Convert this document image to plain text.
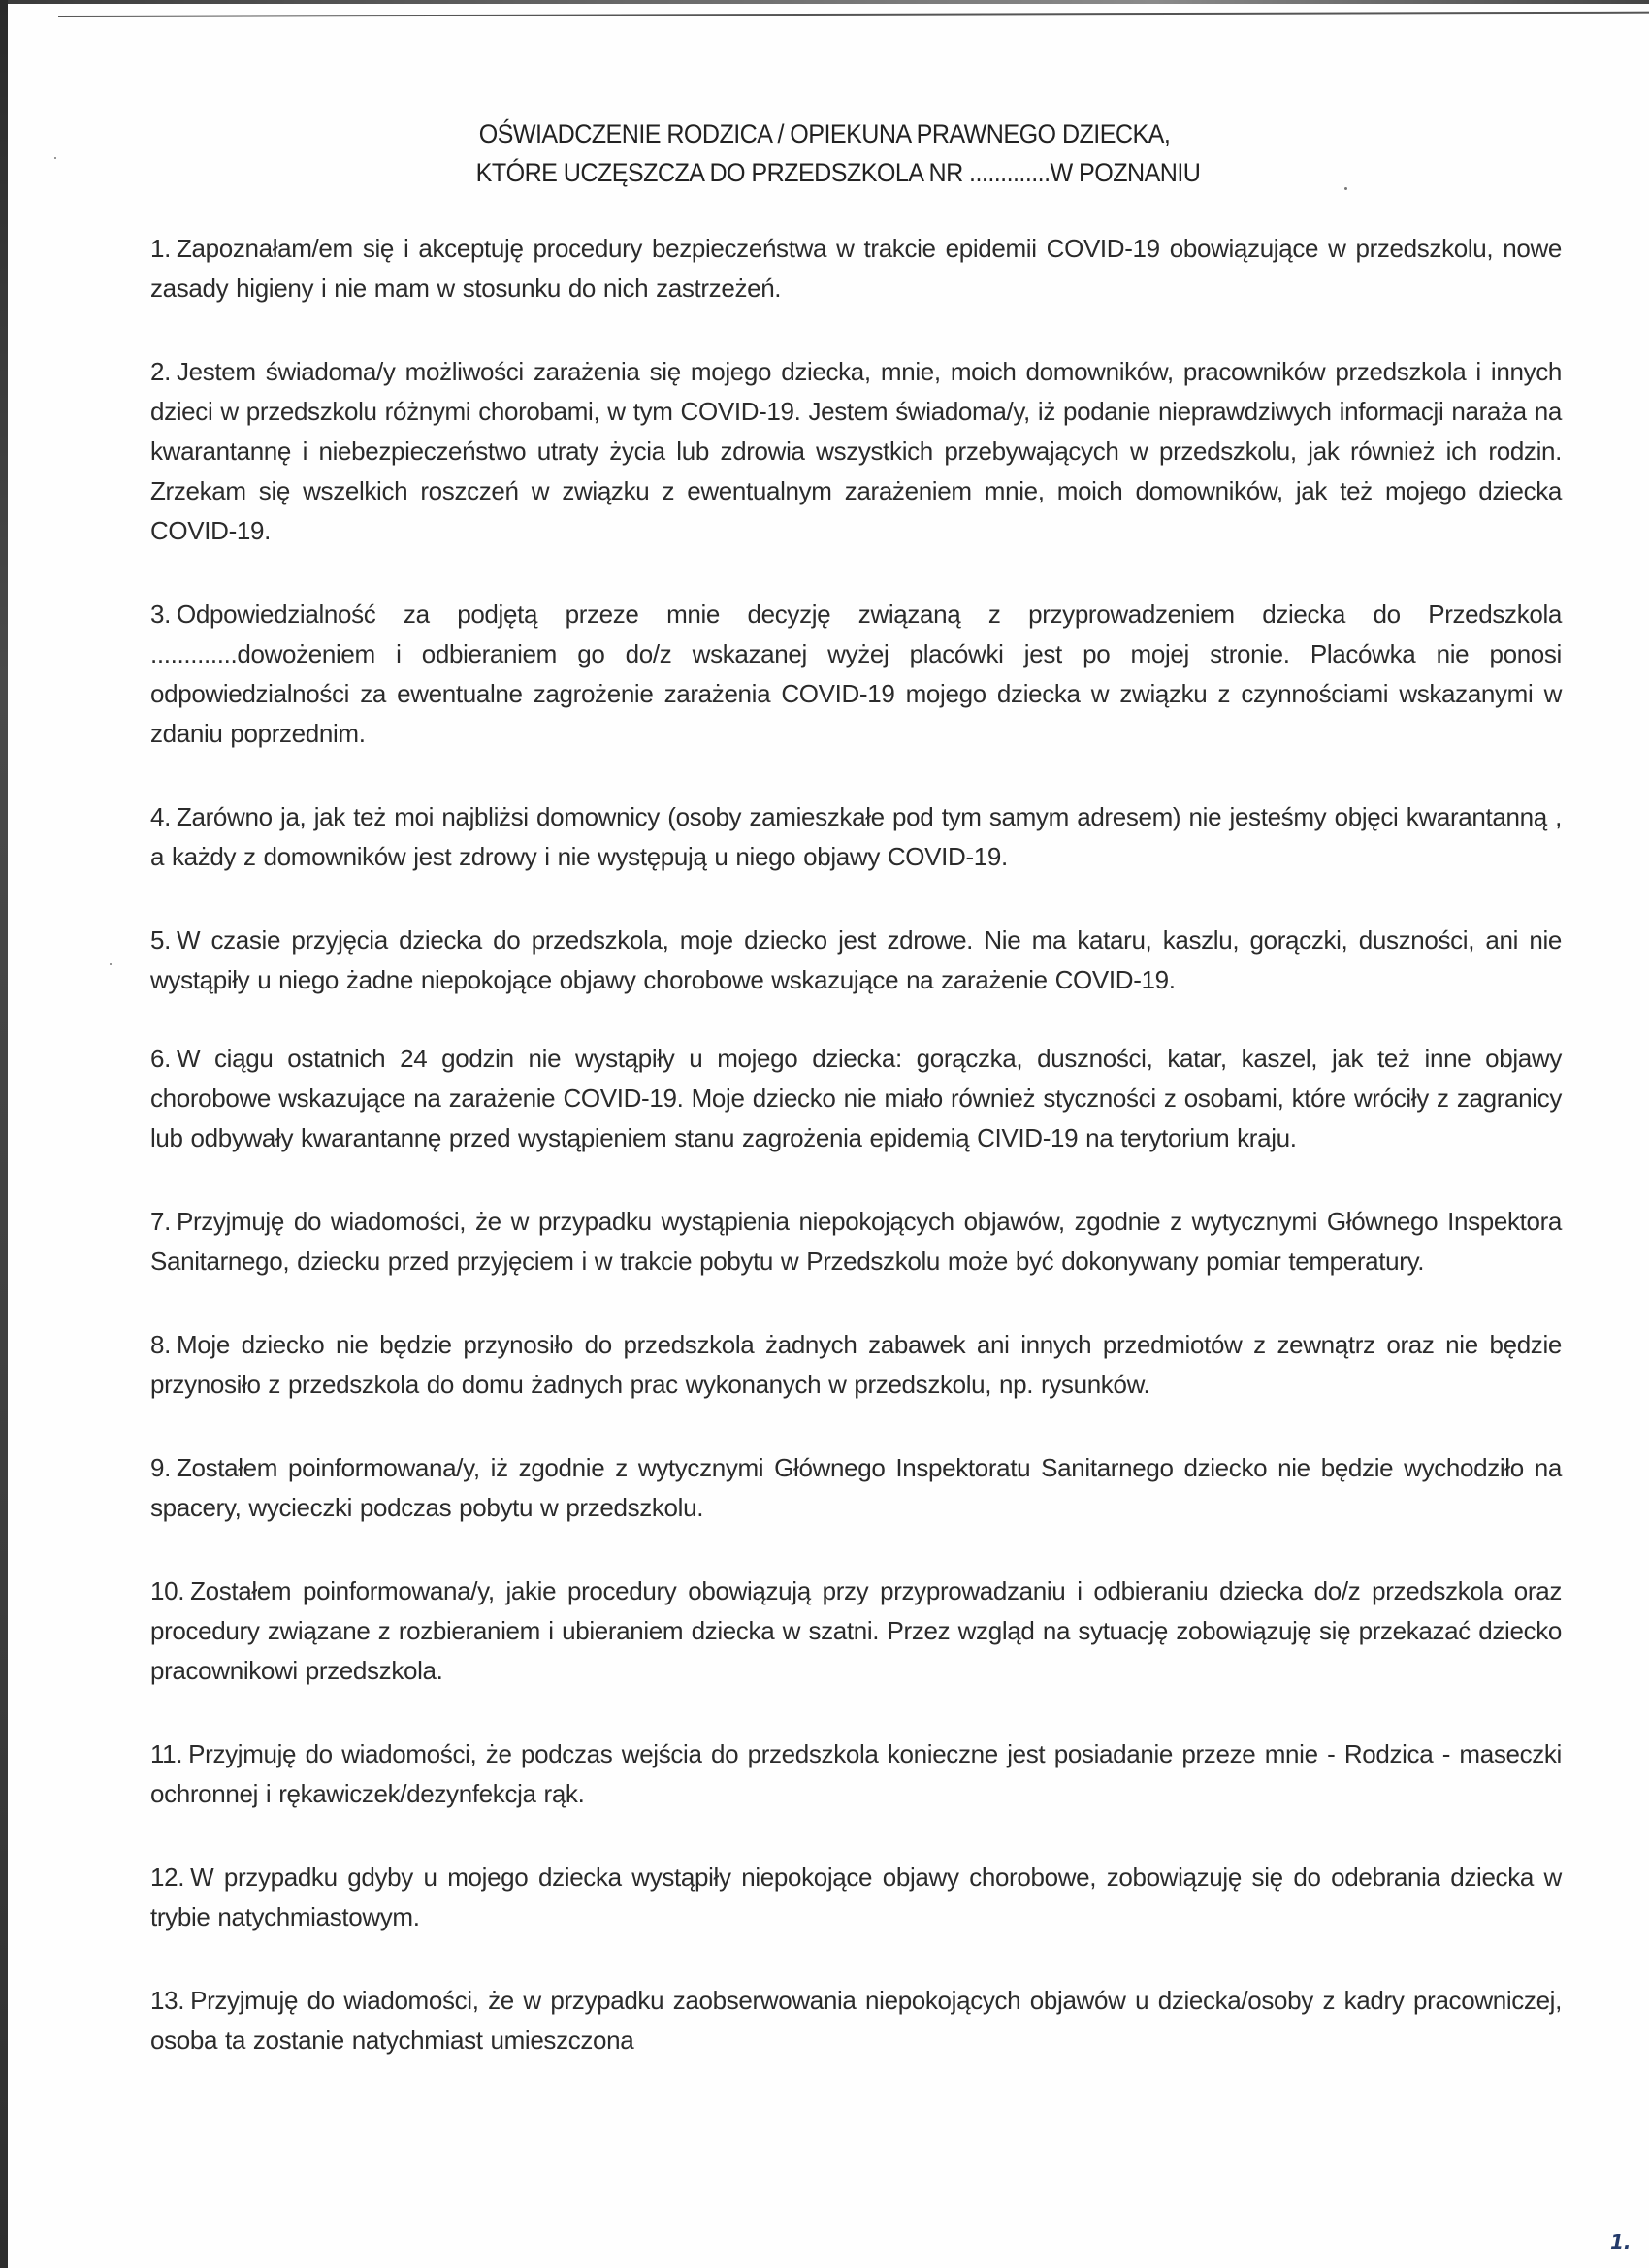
OŚWIADCZENIE RODZICA / OPIEKUNA PRAWNEGO DZIECKA,
KTÓRE UCZĘSZCZA DO PRZEDSZKOLA NR .............W POZNANIU

1. Zapoznałam/em się i akceptuję procedury bezpieczeństwa w trakcie epidemii COVID-19 obowiązujące w przedszkolu, nowe zasady higieny i nie mam w stosunku do nich zastrzeżeń.

2. Jestem świadoma/y możliwości zarażenia się mojego dziecka, mnie, moich domowników, pracowników przedszkola i innych dzieci w przedszkolu różnymi chorobami, w tym COVID-19. Jestem świadoma/y, iż podanie nieprawdziwych informacji naraża na kwarantannę i niebezpieczeństwo utraty życia lub zdrowia wszystkich przebywających w przedszkolu, jak również ich rodzin. Zrzekam się wszelkich roszczeń w związku z ewentualnym zarażeniem mnie, moich domowników, jak też mojego dziecka COVID-19.

3. Odpowiedzialność za podjętą przeze mnie decyzję związaną z przyprowadzeniem dziecka do Przedszkola .............dowożeniem i odbieraniem go do/z wskazanej wyżej placówki jest po mojej stronie. Placówka nie ponosi odpowiedzialności za ewentualne zagrożenie zarażenia COVID-19 mojego dziecka w związku z czynnościami wskazanymi w zdaniu poprzednim.

4. Zarówno ja, jak też moi najbliżsi domownicy (osoby zamieszkałe pod tym samym adresem) nie jesteśmy objęci kwarantanną , a każdy z domowników jest zdrowy i nie występują u niego objawy COVID-19.

5. W czasie przyjęcia dziecka do przedszkola, moje dziecko jest zdrowe. Nie ma kataru, kaszlu, gorączki, duszności, ani nie wystąpiły u niego żadne niepokojące objawy chorobowe wskazujące na zarażenie COVID-19.

6. W ciągu ostatnich 24 godzin nie wystąpiły u mojego dziecka: gorączka, duszności, katar, kaszel, jak też inne objawy chorobowe wskazujące na zarażenie COVID-19. Moje dziecko nie miało również styczności z osobami, które wróciły z zagranicy lub odbywały kwarantannę przed wystąpieniem stanu zagrożenia epidemią CIVID-19 na terytorium kraju.

7. Przyjmuję do wiadomości, że w przypadku wystąpienia niepokojących objawów, zgodnie z wytycznymi Głównego Inspektora Sanitarnego, dziecku przed przyjęciem i w trakcie pobytu w Przedszkolu może być dokonywany pomiar temperatury.

8. Moje dziecko nie będzie przynosiło do przedszkola żadnych zabawek ani innych przedmiotów z zewnątrz oraz nie będzie przynosiło z przedszkola do domu żadnych prac wykonanych w przedszkolu, np. rysunków.

9. Zostałem poinformowana/y, iż zgodnie z wytycznymi Głównego Inspektoratu Sanitarnego dziecko nie będzie wychodziło na spacery, wycieczki podczas pobytu w przedszkolu.

10. Zostałem poinformowana/y, jakie procedury obowiązują przy przyprowadzaniu i odbieraniu dziecka do/z przedszkola oraz procedury związane z rozbieraniem i ubieraniem dziecka w szatni. Przez wzgląd na sytuację zobowiązuję się przekazać dziecko pracownikowi przedszkola.

11. Przyjmuję do wiadomości, że podczas wejścia do przedszkola konieczne jest posiadanie przeze mnie - Rodzica - maseczki ochronnej i rękawiczek/dezynfekcja rąk.

12. W przypadku gdyby u mojego dziecka wystąpiły niepokojące objawy chorobowe, zobowiązuję się do odebrania dziecka w trybie natychmiastowym.

13. Przyjmuję do wiadomości, że w przypadku zaobserwowania niepokojących objawów u dziecka/osoby z kadry pracowniczej, osoba ta zostanie natychmiast umieszczona

1.
